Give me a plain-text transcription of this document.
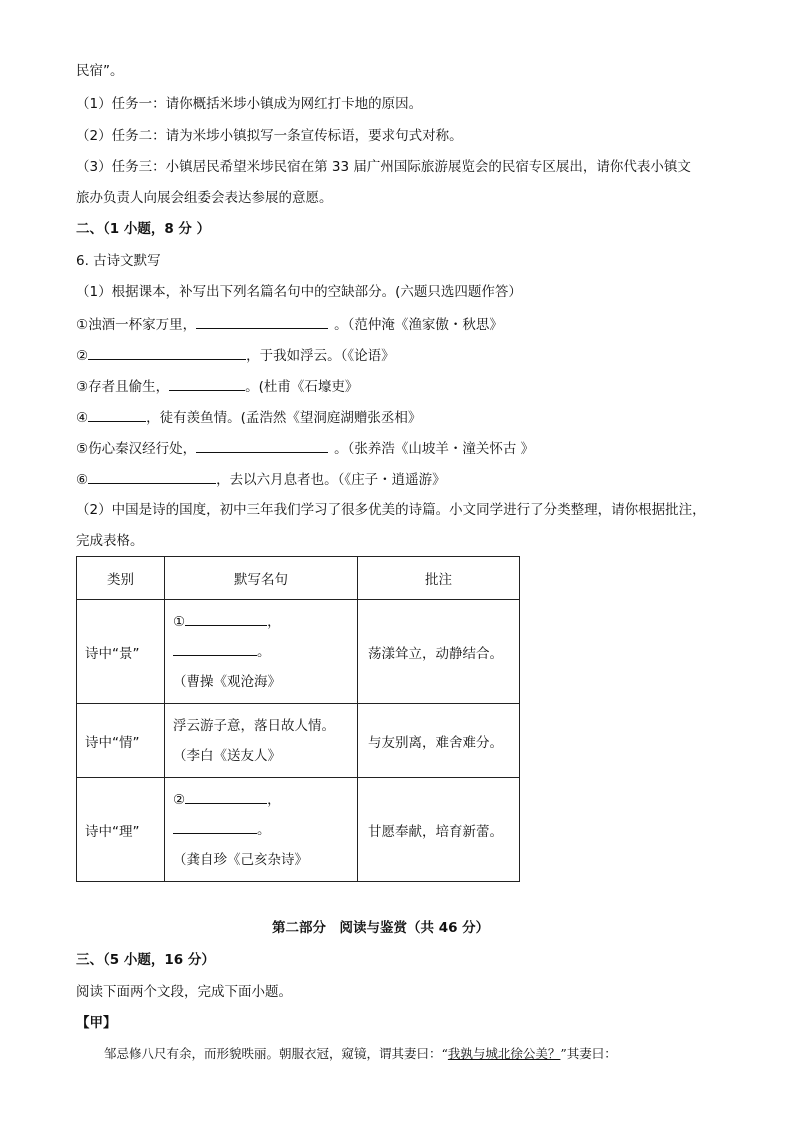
民宿”。
（1）任务一：请你概括米埗小镇成为网红打卡地的原因。
（2）任务二：请为米埗小镇拟写一条宣传标语，要求句式对称。
（3）任务三：小镇居民希望米埗民宿在第 33 届广州国际旅游展览会的民宿专区展出，请你代表小镇文
旅办负责人向展会组委会表达参展的意愿。
二、（1 小题，8 分 ）
6. 古诗文默写
（1）根据课本，补写出下列名篇名句中的空缺部分。(六题只选四题作答）
①浊酒一杯家万里，	。（范仲淹《渔家傲・秋思》
②	，于我如浮云。（《论语》
③存者且偷生，	。(杜甫《石壕吏》
④	，徒有羡鱼情。(孟浩然《望洞庭湖赠张丞相》
⑤伤心秦汉经行处，	。（张养浩《山坡羊・潼关怀古 》
⑥	，去以六月息者也。（《庄子・逍遥游》
（2）中国是诗的国度，初中三年我们学习了很多优美的诗篇。小文同学进行了分类整理，请你根据批注，
完成表格。
类别	默写名句	批注
诗中“景”	① ，
。
（曹操《观沧海》	荡漾耸立，动静结合。
诗中“情”	浮云游子意，落日故人情。
（李白《送友人》	与友别离，难舍难分。
诗中“理”	② ，
。
（龚自珍《己亥杂诗》	甘愿奉献，培育新蕾。
第二部分　阅读与鉴赏（共 46 分）
三、（5 小题，16 分）
阅读下面两个文段，完成下面小题。
【甲】
邹忌修八尺有余，而形貌昳丽。朝服衣冠，窥镜，谓其妻曰：“我孰与城北徐公美？”其妻曰：
